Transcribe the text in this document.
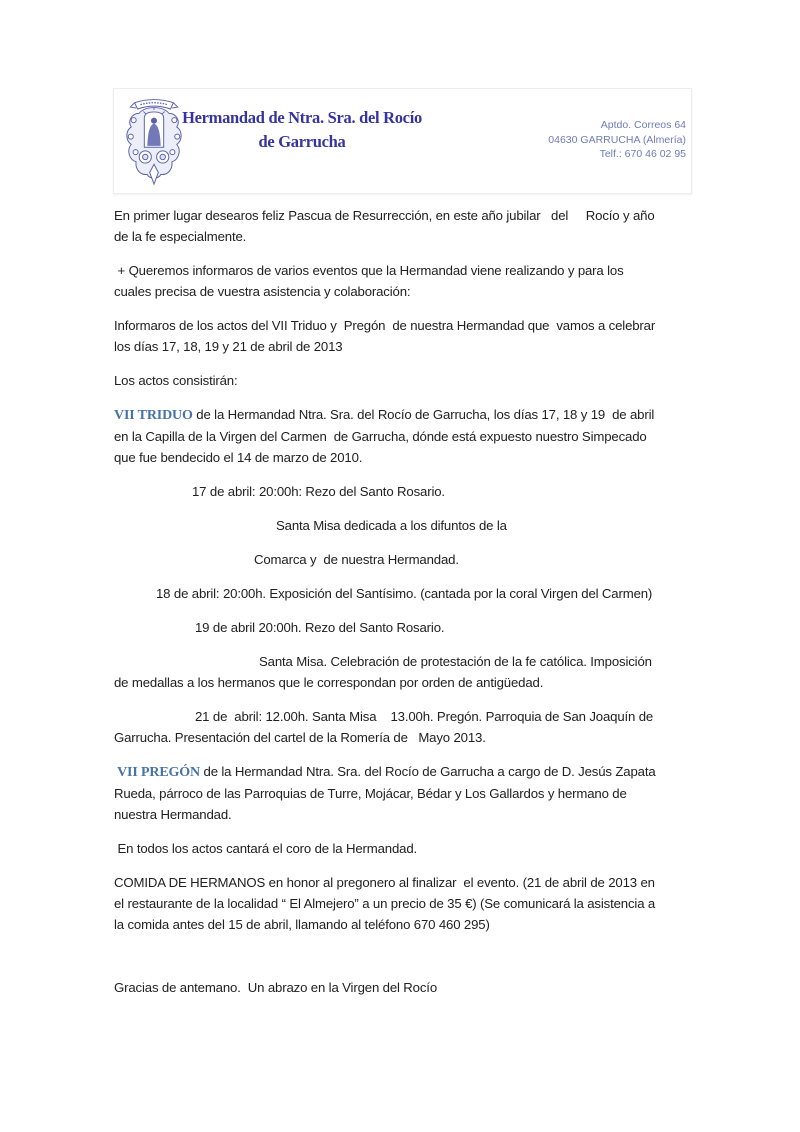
Hermandad de Ntra. Sra. del Rocío
de Garrucha
Aptdo. Correos 64
04630 GARRUCHA (Almería)
Telf.: 670 46 02 95
En primer lugar desearos feliz Pascua de Resurrección, en este año jubilar   del     Rocío y año
de la fe especialmente.
+ Queremos informaros de varios eventos que la Hermandad viene realizando y para los
cuales precisa de vuestra asistencia y colaboración:
Informaros de los actos del VII Triduo y  Pregón  de nuestra Hermandad que  vamos a celebrar
los días 17, 18, 19 y 21 de abril de 2013
Los actos consistirán:
VII TRIDUO de la Hermandad Ntra. Sra. del Rocío de Garrucha, los días 17, 18 y 19  de abril
en la Capilla de la Virgen del Carmen  de Garrucha, dónde está expuesto nuestro Simpecado
que fue bendecido el 14 de marzo de 2010.
17 de abril: 20:00h: Rezo del Santo Rosario.
Santa Misa dedicada a los difuntos de la
Comarca y  de nuestra Hermandad.
18 de abril: 20:00h. Exposición del Santísimo. (cantada por la coral Virgen del Carmen)
19 de abril 20:00h. Rezo del Santo Rosario.
Santa Misa. Celebración de protestación de la fe católica. Imposición
de medallas a los hermanos que le correspondan por orden de antigüedad.
21 de  abril: 12.00h. Santa Misa    13.00h. Pregón. Parroquia de San Joaquín de
Garrucha. Presentación del cartel de la Romería de   Mayo 2013.
VII PREGÓN de la Hermandad Ntra. Sra. del Rocío de Garrucha a cargo de D. Jesús Zapata
Rueda, párroco de las Parroquias de Turre, Mojácar, Bédar y Los Gallardos y hermano de
nuestra Hermandad.
En todos los actos cantará el coro de la Hermandad.
COMIDA DE HERMANOS en honor al pregonero al finalizar  el evento. (21 de abril de 2013 en
el restaurante de la localidad “ El Almejero” a un precio de 35 €) (Se comunicará la asistencia a
la comida antes del 15 de abril, llamando al teléfono 670 460 295)
Gracias de antemano.  Un abrazo en la Virgen del Rocío
